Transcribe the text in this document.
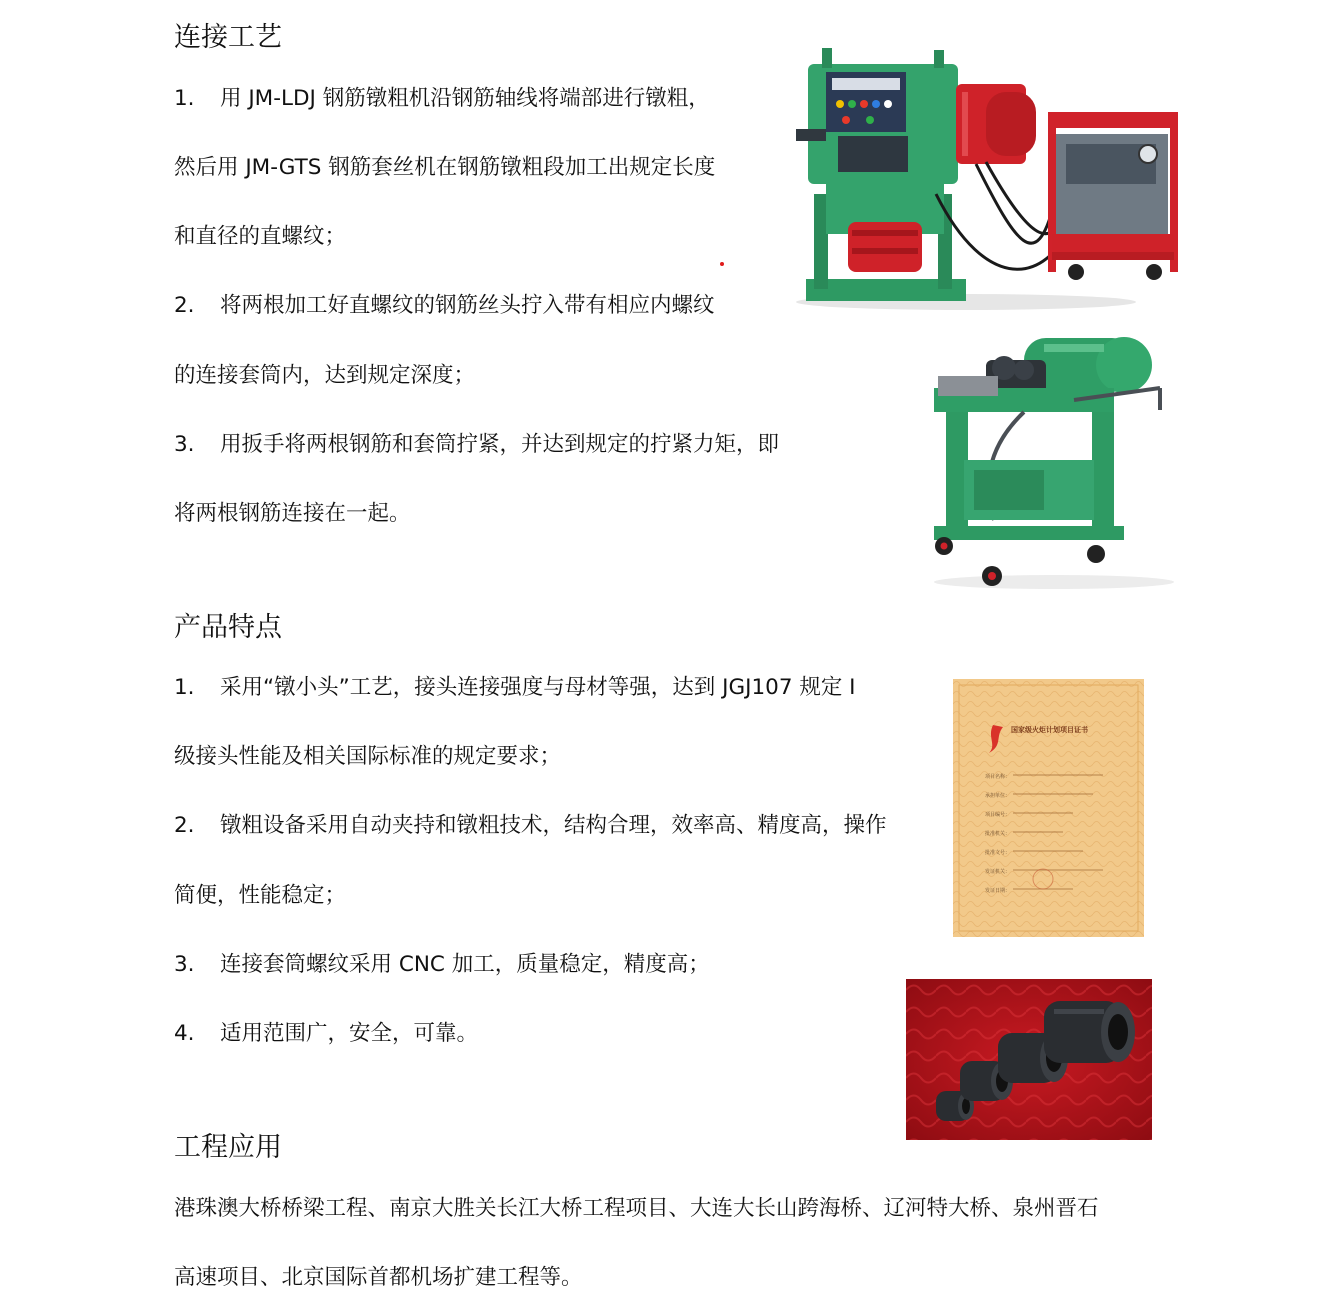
连接工艺

1. 用 JM-LDJ 钢筋镦粗机沿钢筋轴线将端部进行镦粗，

然后用 JM-GTS 钢筋套丝机在钢筋镦粗段加工出规定长度

和直径的直螺纹；

2. 将两根加工好直螺纹的钢筋丝头拧入带有相应内螺纹

的连接套筒内，达到规定深度；

3. 用扳手将两根钢筋和套筒拧紧，并达到规定的拧紧力矩，即

将两根钢筋连接在一起。

产品特点

1. 采用“镦小头”工艺，接头连接强度与母材等强，达到 JGJ107 规定 I

级接头性能及相关国际标准的规定要求；

2. 镦粗设备采用自动夹持和镦粗技术，结构合理，效率高、精度高，操作

简便，性能稳定；

3. 连接套筒螺纹采用 CNC 加工，质量稳定，精度高；

4. 适用范围广，安全，可靠。

工程应用

港珠澳大桥桥梁工程、南京大胜关长江大桥工程项目、大连大长山跨海桥、辽河特大桥、泉州晋石

高速项目、北京国际首都机场扩建工程等。

国家级火炬计划项目证书
项目名称：
承担单位：
项目编号：
批准机关：
批准文号：
发证机关：
发证日期：
